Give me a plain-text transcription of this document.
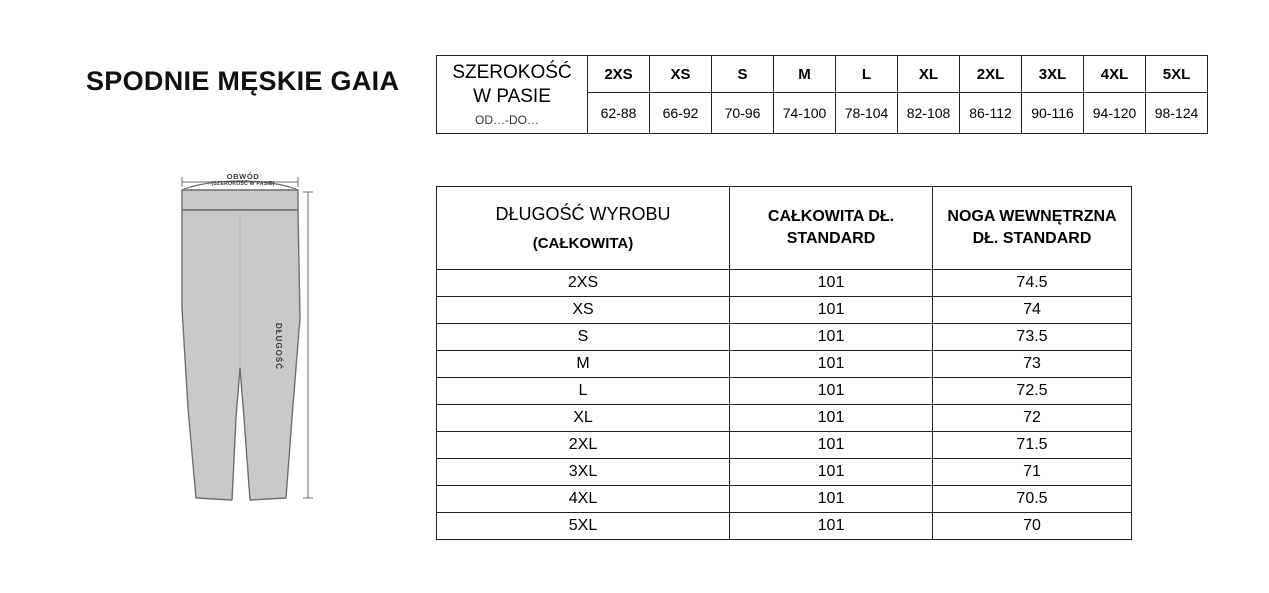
SPODNIE MĘSKIE GAIA
OBWÓD
(SZEROKOŚĆ W PASIE)
DŁUGOŚĆ
SZEROKOŚĆ W PASIE
OD…-DO…	2XS	XS	S	M	L	XL	2XL	3XL	4XL	5XL
	62-88	66-92	70-96	74-100	78-104	82-108	86-112	90-116	94-120	98-124
DŁUGOŚĆ WYROBU
(CAŁKOWITA)	CAŁKOWITA DŁ. STANDARD	NOGA WEWNĘTRZNA DŁ. STANDARD
2XS	101	74.5
XS	101	74
S	101	73.5
M	101	73
L	101	72.5
XL	101	72
2XL	101	71.5
3XL	101	71
4XL	101	70.5
5XL	101	70
